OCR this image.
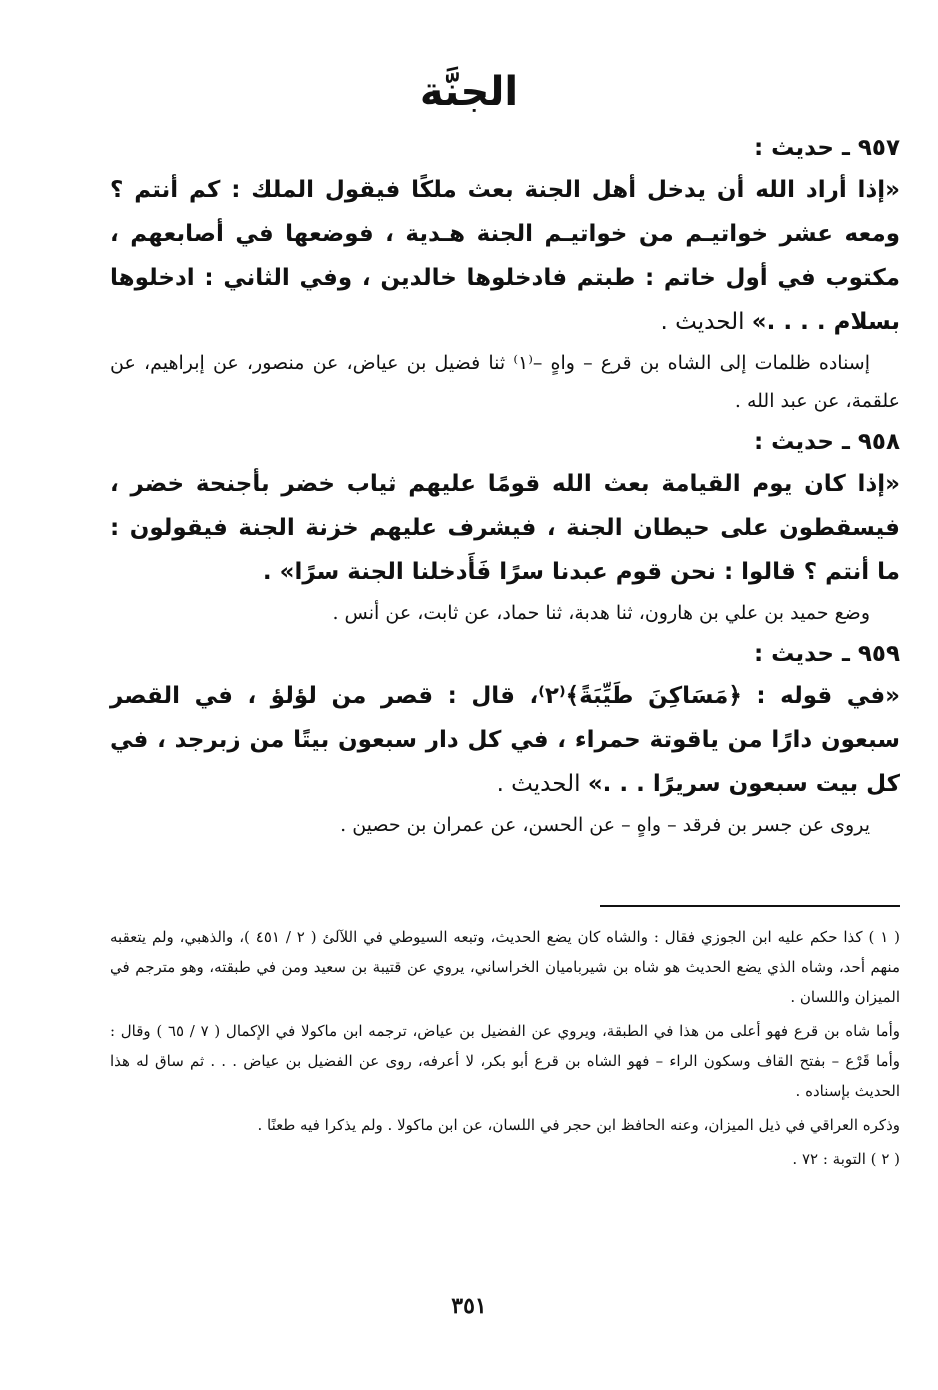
الجنَّة

٩٥٧ ـ حديث :

«إذا أراد الله أن يدخل أهل الجنة بعث ملكًا فيقول الملك : كم أنتم ؟ ومعه عشر خواتيـم من خواتيـم الجنة هـدية ، فوضعها في أصابعهم ، مكتوب في أول خاتم : طبتم فادخلوها خالدين ، وفي الثاني : ادخلوها بسلام . . . .» الحديث .

إسناده ظلمات إلى الشاه بن قرع – واهٍ –⁽١⁾ ثنا فضيل بن عياض، عن منصور، عن إبراهيم، عن علقمة، عن عبد الله .

٩٥٨ ـ حديث :

«إذا كان يوم القيامة بعث الله قومًا عليهم ثياب خضر بأجنحة خضر ، فيسقطون على حيطان الجنة ، فيشرف عليهم خزنة الجنة فيقولون : ما أنتم ؟ قالوا : نحن قوم عبدنا سرًا فَأَدخلنا الجنة سرًا» .

وضع حميد بن علي بن هارون، ثنا هدبة، ثنا حماد، عن ثابت، عن أنس .

٩٥٩ ـ حديث :

«في قوله : ﴿مَسَاكِنَ طَيِّبَةً﴾⁽٢⁾، قال : قصر من لؤلؤ ، في القصر سبعون دارًا من ياقوتة حمراء ، في كل دار سبعون بيتًا من زبرجد ، في كل بيت سبعون سريرًا . . .» الحديث .

يروى عن جسر بن فرقد – واهٍ – عن الحسن، عن عمران بن حصين .

( ١ ) كذا حكم عليه ابن الجوزي فقال : والشاه كان يضع الحديث، وتبعه السيوطي في اللآلئ ( ٢ / ٤٥١ )، والذهبي، ولم يتعقبه منهم أحد، وشاه الذي يضع الحديث هو شاه بن شيرباميان الخراساني، يروي عن قتيبة بن سعيد ومن في طبقته، وهو مترجم في الميزان واللسان .

وأما شاه بن قرع فهو أعلى من هذا في الطبقة، ويروي عن الفضيل بن عياض، ترجمه ابن ماكولا في الإكمال ( ٧ / ٦٥ ) وقال : وأما قَرْع – بفتح القاف وسكون الراء – فهو الشاه بن قرع أبو بكر، لا أعرفه، روى عن الفضيل بن عياض . . . ثم ساق له هذا الحديث بإسناده .

وذكره العراقي في ذيل الميزان، وعنه الحافظ ابن حجر في اللسان، عن ابن ماكولا . ولم يذكرا فيه طعنًا .

( ٢ ) التوبة : ٧٢ .

٣٥١
